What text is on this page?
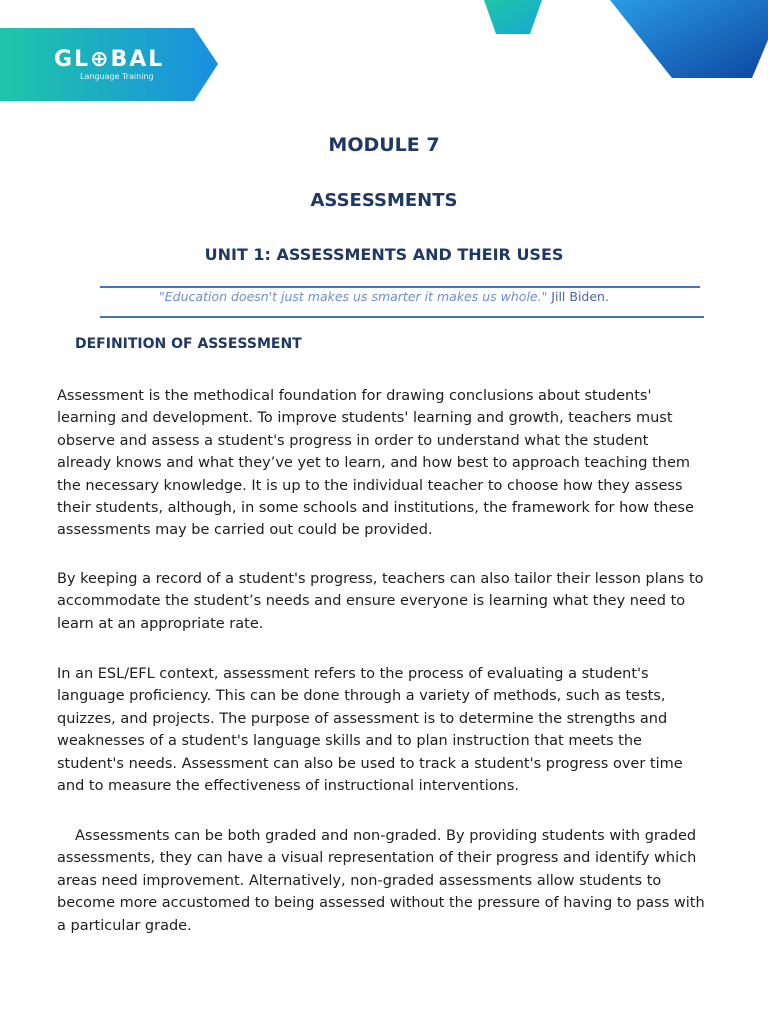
GL⊕BAL
Language Training
MODULE 7
ASSESSMENTS
UNIT 1: ASSESSMENTS AND THEIR USES
"Education doesn't just makes us smarter it makes us whole." Jill Biden.
DEFINITION OF ASSESSMENT

Assessment is the methodical foundation for drawing conclusions about students' learning and development. To improve students' learning and growth, teachers must observe and assess a student's progress in order to understand what the student already knows and what they’ve yet to learn, and how best to approach teaching them the necessary knowledge. It is up to the individual teacher to choose how they assess their students, although, in some schools and institutions, the framework for how these assessments may be carried out could be provided.

By keeping a record of a student's progress, teachers can also tailor their lesson plans to accommodate the student’s needs and ensure everyone is learning what they need to learn at an appropriate rate.

In an ESL/EFL context, assessment refers to the process of evaluating a student's language proficiency. This can be done through a variety of methods, such as tests, quizzes, and projects. The purpose of assessment is to determine the strengths and weaknesses of a student's language skills and to plan instruction that meets the student's needs. Assessment can also be used to track a student's progress over time and to measure the effectiveness of instructional interventions.

Assessments can be both graded and non-graded. By providing students with graded assessments, they can have a visual representation of their progress and identify which areas need improvement. Alternatively, non-graded assessments allow students to become more accustomed to being assessed without the pressure of having to pass with a particular grade.
